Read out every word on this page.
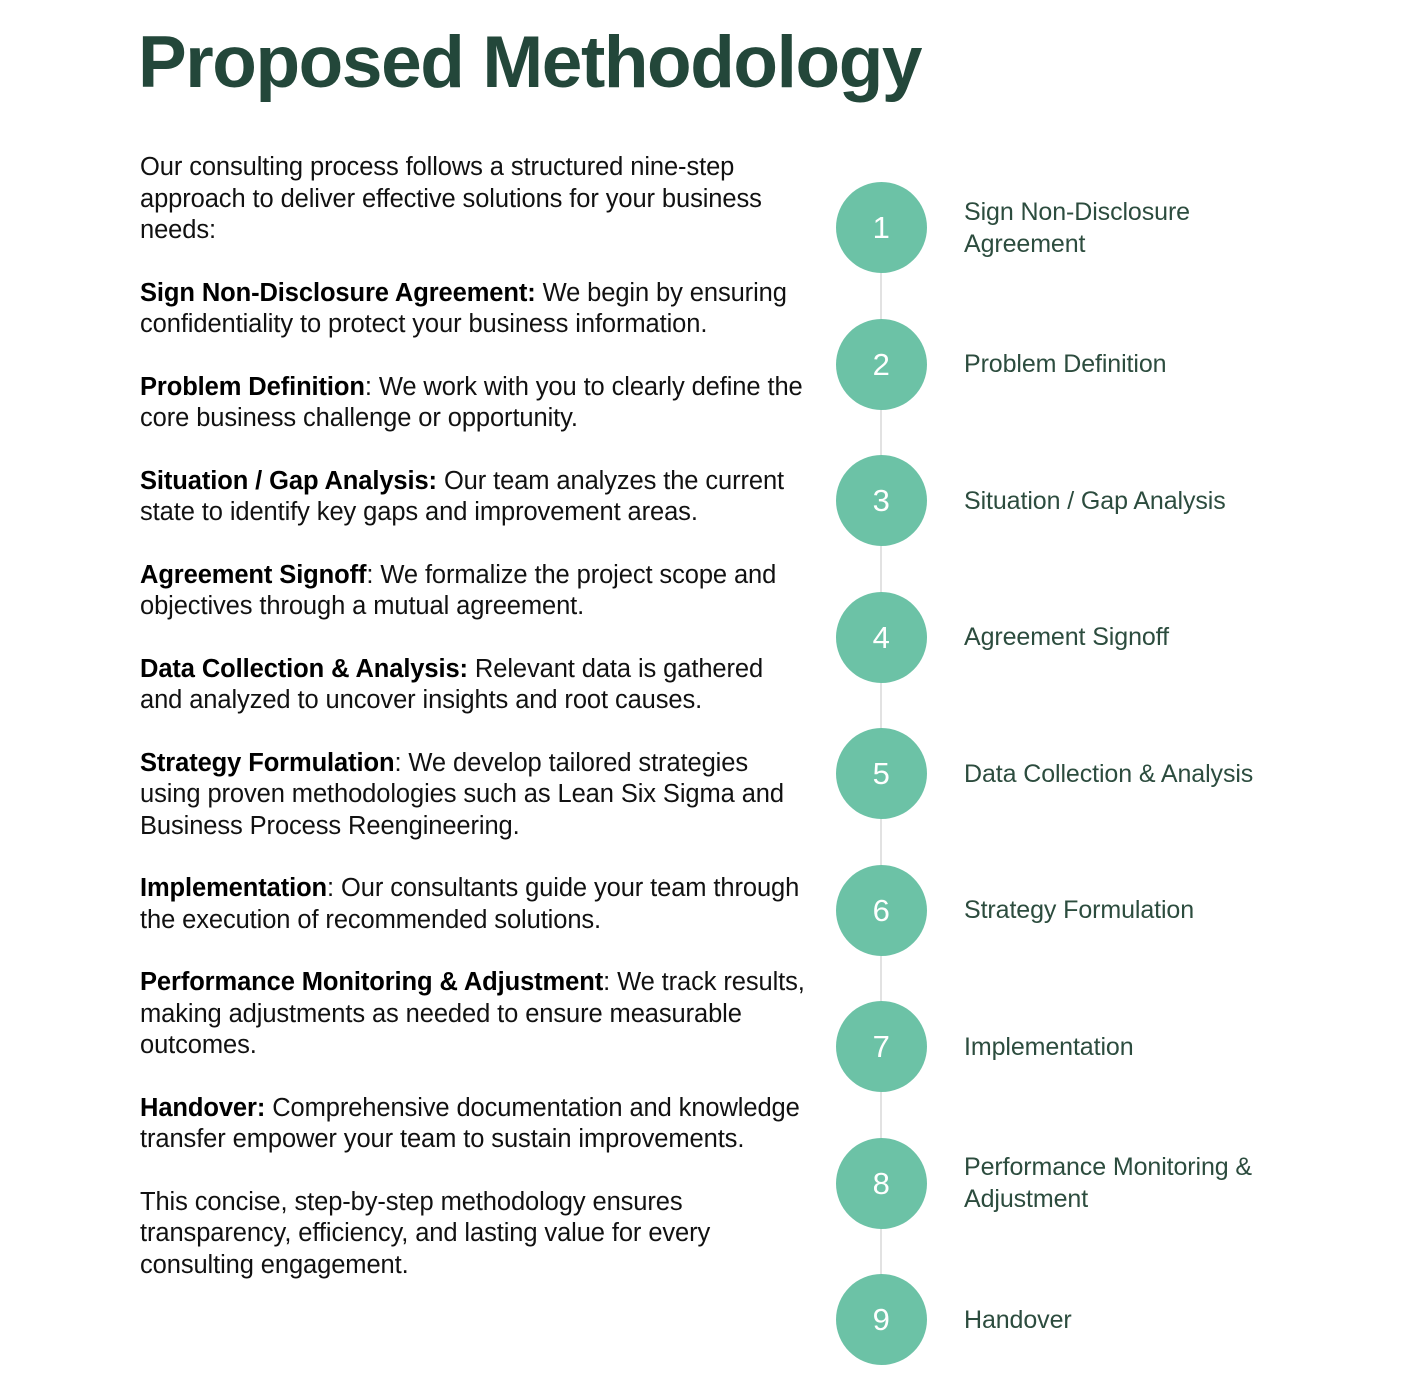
Proposed Methodology

Our consulting process follows a structured nine-step approach to deliver effective solutions for your business needs:

Sign Non-Disclosure Agreement: We begin by ensuring confidentiality to protect your business information.

Problem Definition: We work with you to clearly define the core business challenge or opportunity.

Situation / Gap Analysis: Our team analyzes the current state to identify key gaps and improvement areas.

Agreement Signoff: We formalize the project scope and objectives through a mutual agreement.

Data Collection & Analysis: Relevant data is gathered and analyzed to uncover insights and root causes.

Strategy Formulation: We develop tailored strategies using proven methodologies such as Lean Six Sigma and Business Process Reengineering.

Implementation: Our consultants guide your team through the execution of recommended solutions.

Performance Monitoring & Adjustment: We track results, making adjustments as needed to ensure measurable outcomes.

Handover: Comprehensive documentation and knowledge transfer empower your team to sustain improvements.

This concise, step-by-step methodology ensures transparency, efficiency, and lasting value for every consulting engagement.

1	Sign Non-Disclosure Agreement
2	Problem Definition
3	Situation / Gap Analysis
4	Agreement Signoff
5	Data Collection & Analysis
6	Strategy Formulation
7	Implementation
8	Performance Monitoring & Adjustment
9	Handover
